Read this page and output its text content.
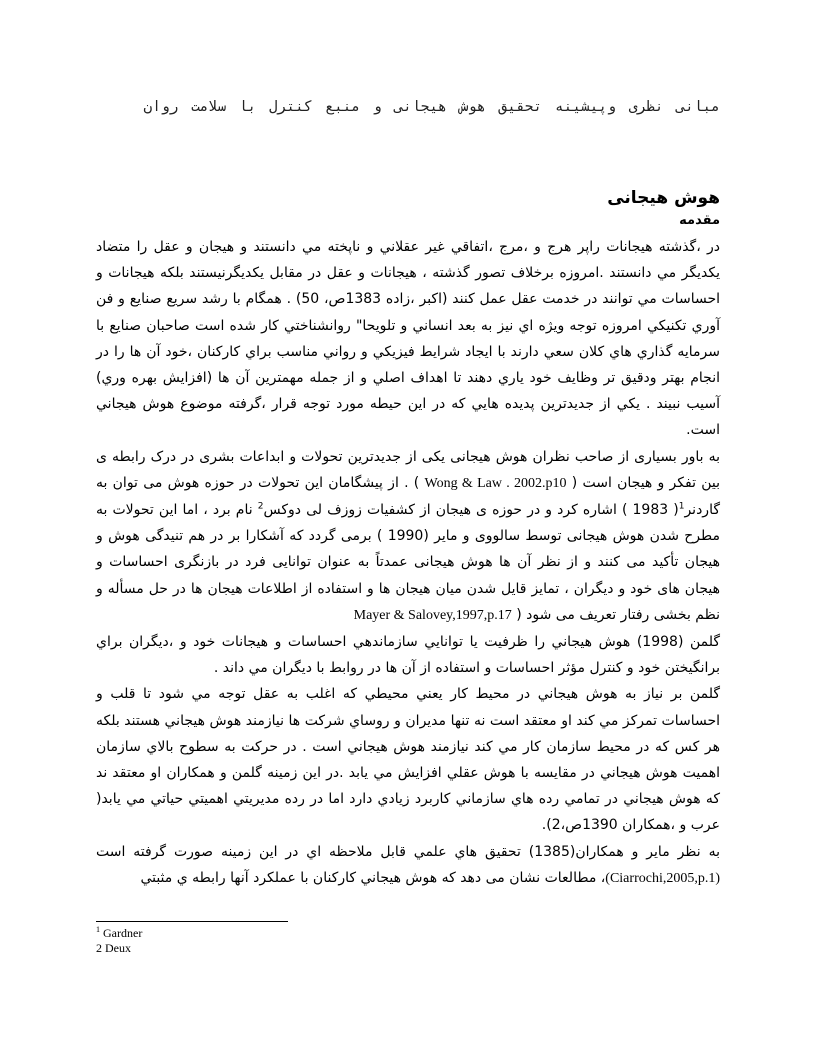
مبانی نظری وپیشینه تحقیق هوش هیجانی و منبع کنترل با سلامت روان
هوش هیجانی
مقدمه

در ،گذشته هيجانات راپر هرج و ،مرج ،اتفاقي غير عقلاني و ناپخته مي دانستند و هيجان و عقل را متضاد يكديگر مي دانستند .امروزه برخلاف تصور گذشته ، هيجانات و عقل در مقابل يكديگرنيستند بلكه هيجانات و احساسات مي توانند در خدمت عقل عمل كنند (اكبر ،زاده 1383ص، 50) . همگام با رشد سريع صنايع و فن آوري تكنيكي امروزه توجه ويژه اي نيز به بعد انساني و تلويحا" روانشناختي كار شده است صاحبان صنايع با سرمايه گذاري هاي كلان سعي دارند با ايجاد شرايط فيزيكي و رواني مناسب براي كاركنان ،خود آن ها را در انجام بهتر ودقيق تر وظايف خود ياري دهند تا اهداف اصلي و از جمله مهمترين آن ها (افزايش بهره وري) آسيب نبيند . يكي از جديدترين پديده هايي كه در اين حيطه مورد توجه قرار ،گرفته موضوع هوش هيجاني است.

به باور بسیاری از صاحب نظران هوش هیجانی یکی از جدیدترین تحولات و ابداعات بشری در درک رابطه ی بین تفکر و هیجان است ( Wong & Law . 2002.p10 ) . از پیشگامان این تحولات در حوزه هوش می توان به گاردنر$^1$( 1983 ) اشاره کرد و در حوزه ی هیجان از کشفیات زوزف لی دوکس$^2$ نام برد ، اما این تحولات به مطرح شدن هوش هیجانی توسط سالووی و مایر (1990 ) برمی گردد که آشکارا بر در هم تنیدگی هوش و هیجان تأکید می کنند و از نظر آن ها هوش هیجانی عمدتاً به عنوان توانایی فرد در بازنگری احساسات و هیجان های خود و دیگران ، تمایز قایل شدن میان هیجان ها و استفاده از اطلاعات هیجان ها در حل مسأله و نظم بخشی رفتار تعریف می شود ( Mayer & Salovey,1997,p.17

گلمن (1998) هوش هيجاني را ظرفيت يا توانايي سازماندهي احساسات و هيجانات خود و ،ديگران براي برانگيختن خود و كنترل مؤثر احساسات و استفاده از آن ها در روابط با ديگران مي داند .

گلمن بر نياز به هوش هيجاني در محيط كار يعني محيطي كه اغلب به عقل توجه مي شود تا قلب و احساسات تمركز مي كند او معتقد است نه تنها مديران و روساي شركت ها نيازمند هوش هيجاني هستند بلكه هر كس كه در محيط سازمان كار مي كند نيازمند هوش هيجاني است . در حركت به سطوح بالاي سازمان اهميت هوش هيجاني در مقايسه با هوش عقلي افزايش مي يابد .در اين زمينه گلمن و همكاران او معتقد ند كه هوش هيجاني در تمامي رده هاي سازماني كاربرد زيادي دارد اما در رده مديريتي اهميتي حياتي مي يابد( عرب و ،همكاران 1390ص،2).

به نظر ماير و همكاران(1385) تحقيق هاي علمي قابل ملاحظه اي در اين زمينه صورت گرفته است (Ciarrochi,2005,p.1)، مطالعات نشان می دهد که هوش هيجاني كاركنان با عملكرد آنها رابطه ي مثبتي

$^1$ Gardner
2 Deux
